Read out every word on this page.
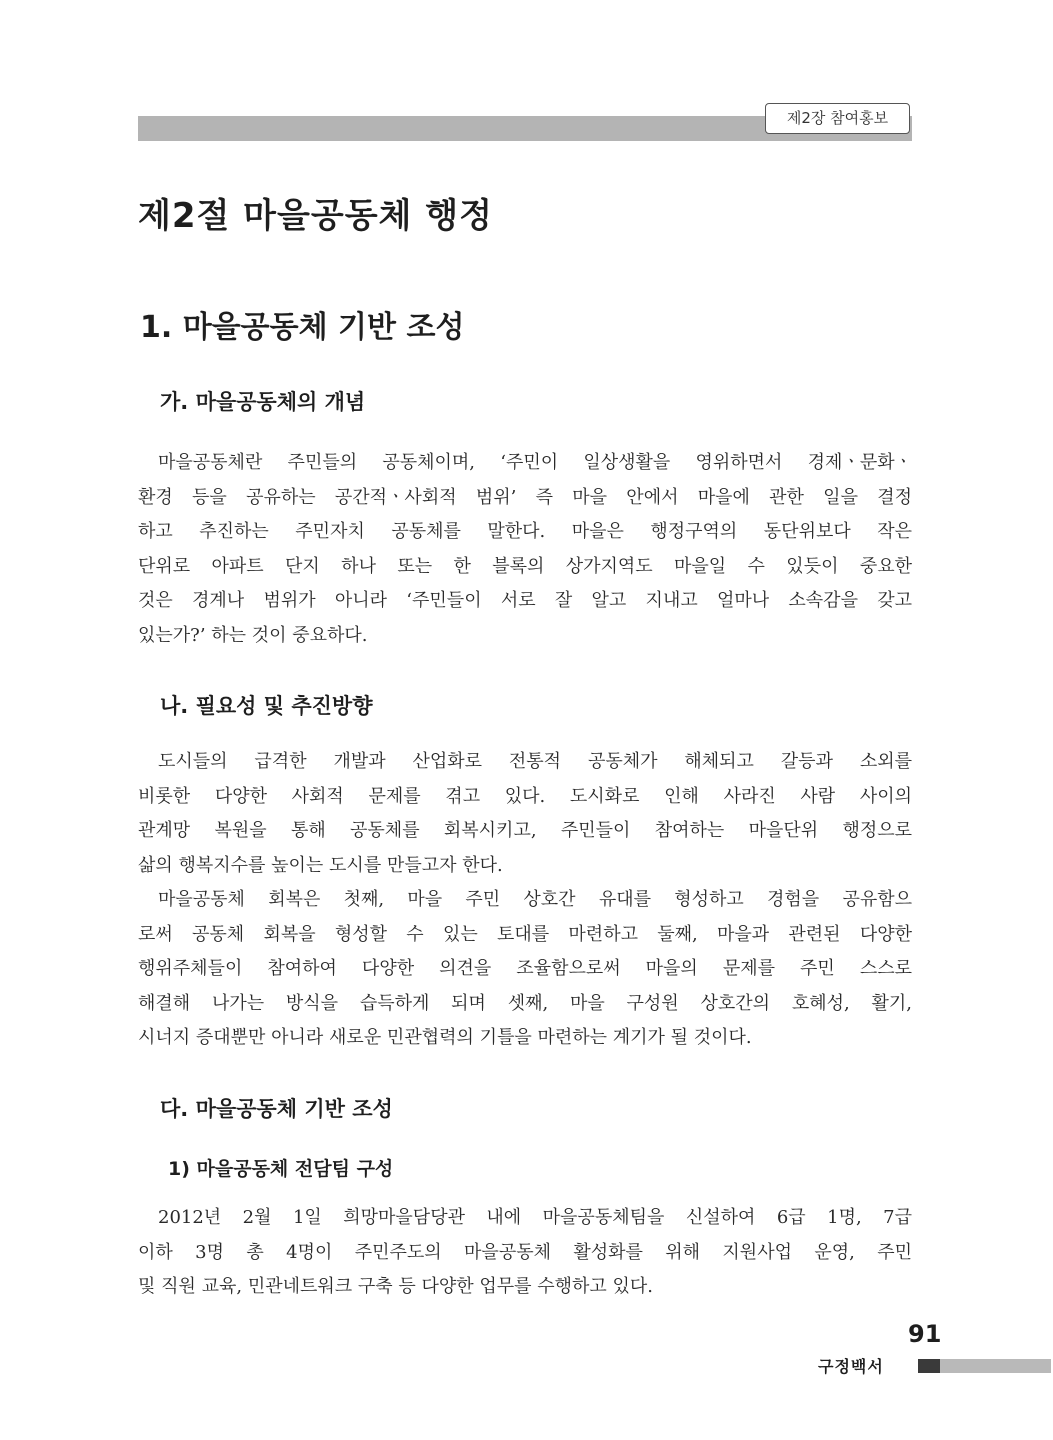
제2장 참여홍보
제2절 마을공동체 행정
1. 마을공동체 기반 조성
가. 마을공동체의 개념
마을공동체란 주민들의 공동체이며, ‘주민이 일상생활을 영위하면서 경제ㆍ문화ㆍ
환경 등을 공유하는 공간적ㆍ사회적 범위’ 즉 마을 안에서 마을에 관한 일을 결정
하고 추진하는 주민자치 공동체를 말한다. 마을은 행정구역의 동단위보다 작은
단위로 아파트 단지 하나 또는 한 블록의 상가지역도 마을일 수 있듯이 중요한
것은 경계나 범위가 아니라 ‘주민들이 서로 잘 알고 지내고 얼마나 소속감을 갖고
있는가?’ 하는 것이 중요하다.
나. 필요성 및 추진방향
도시들의 급격한 개발과 산업화로 전통적 공동체가 해체되고 갈등과 소외를
비롯한 다양한 사회적 문제를 겪고 있다. 도시화로 인해 사라진 사람 사이의
관계망 복원을 통해 공동체를 회복시키고, 주민들이 참여하는 마을단위 행정으로
삶의 행복지수를 높이는 도시를 만들고자 한다.
마을공동체 회복은 첫째, 마을 주민 상호간 유대를 형성하고 경험을 공유함으
로써 공동체 회복을 형성할 수 있는 토대를 마련하고 둘째, 마을과 관련된 다양한
행위주체들이 참여하여 다양한 의견을 조율함으로써 마을의 문제를 주민 스스로
해결해 나가는 방식을 습득하게 되며 셋째, 마을 구성원 상호간의 호혜성, 활기,
시너지 증대뿐만 아니라 새로운 민관협력의 기틀을 마련하는 계기가 될 것이다.
다. 마을공동체 기반 조성
1) 마을공동체 전담팀 구성
2012년 2월 1일 희망마을담당관 내에 마을공동체팀을 신설하여 6급 1명, 7급
이하 3명 총 4명이 주민주도의 마을공동체 활성화를 위해 지원사업 운영, 주민
및 직원 교육, 민관네트워크 구축 등 다양한 업무를 수행하고 있다.
91
구정백서
